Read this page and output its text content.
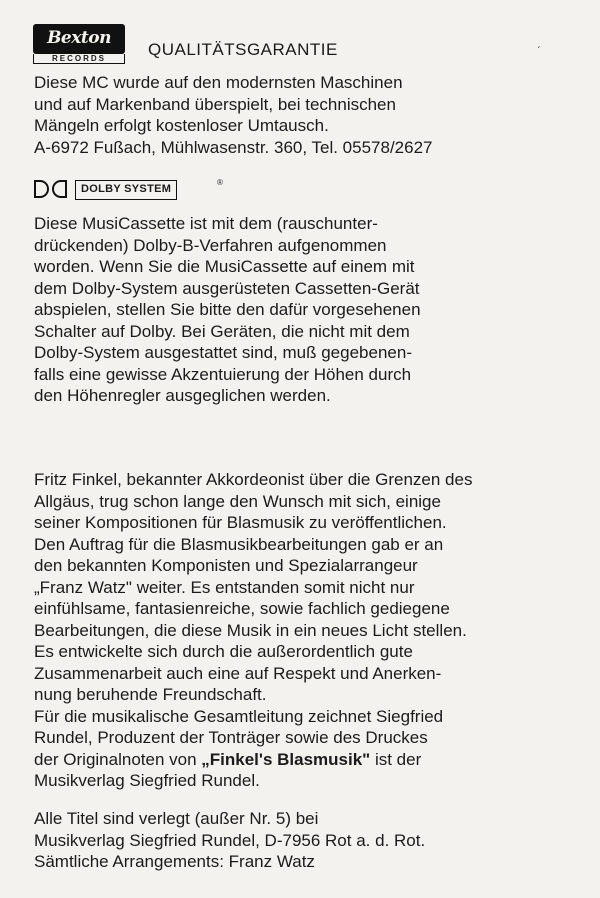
Bexton
RECORDS	QUALITÄTSGARANTIE	ˏ

Diese MC wurde auf den modernsten Maschinen
und auf Markenband überspielt, bei technischen
Mängeln erfolgt kostenloser Umtausch.
A-6972 Fußach, Mühlwasenstr. 360, Tel. 05578/2627

DOLBY SYSTEM
®

Diese MusiCassette ist mit dem (rauschunter-
drückenden) Dolby-B-Verfahren aufgenommen
worden. Wenn Sie die MusiCassette auf einem mit
dem Dolby-System ausgerüsteten Cassetten-Gerät
abspielen, stellen Sie bitte den dafür vorgesehenen
Schalter auf Dolby. Bei Geräten, die nicht mit dem
Dolby-System ausgestattet sind, muß gegebenen-
falls eine gewisse Akzentuierung der Höhen durch
den Höhenregler ausgeglichen werden.

Fritz Finkel, bekannter Akkordeonist über die Grenzen des
Allgäus, trug schon lange den Wunsch mit sich, einige
seiner Kompositionen für Blasmusik zu veröffentlichen.
Den Auftrag für die Blasmusikbearbeitungen gab er an
den bekannten Komponisten und Spezialarrangeur
„Franz Watz" weiter. Es entstanden somit nicht nur
einfühlsame, fantasienreiche, sowie fachlich gediegene
Bearbeitungen, die diese Musik in ein neues Licht stellen.
Es entwickelte sich durch die außerordentlich gute
Zusammenarbeit auch eine auf Respekt und Anerken-
nung beruhende Freundschaft.
Für die musikalische Gesamtleitung zeichnet Siegfried
Rundel, Produzent der Tonträger sowie des Druckes
der Originalnoten von „Finkel's Blasmusik" ist der
Musikverlag Siegfried Rundel.

Alle Titel sind verlegt (außer Nr. 5) bei
Musikverlag Siegfried Rundel, D-7956 Rot a. d. Rot.
Sämtliche Arrangements: Franz Watz
